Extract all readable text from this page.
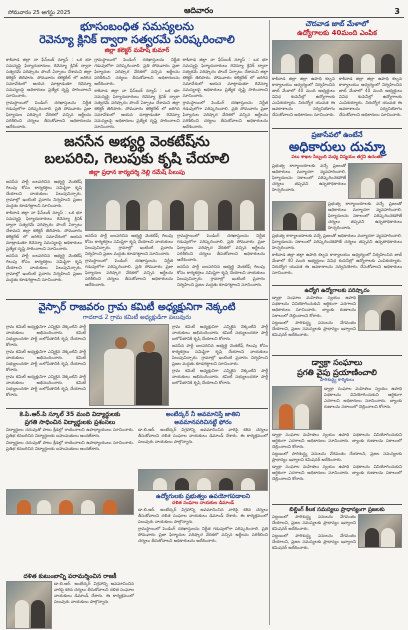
సోమవారం 25 ఆగస్టు 2025	ఆదివారం	3
భూసంబంధిత సమస్యలను
రెవెన్యూ క్లినిక్ ద్వారా సత్వరమే పరిష్కరించాలి
జిల్లా కలెక్టర్ మహేష్ కుమార్

కాకినాడ జిల్లా నా ఫేస్‌బుక్ న్యూస్ : ఒక భూ సమస్యపై ఫిర్యాదుదారులు రెవెన్యూ క్లినిక్ ద్వారా సత్వరమే పరిష్కారం పొందే ఏర్పాటు చేశామని జిల్లా కలెక్టర్ తెలిపారు. సోమవారం కలెక్టరేట్ లో జరిగిన సమావేశంలో ఆయన మాట్లాడుతూ రెవెన్యూ సమస్యలపై అధికారులు ప్రత్యేక దృష్టి సారించాలని సూచించారు.

గ్రామస్థాయిలో పెండింగ్ దరఖాస్తులను నిర్ణీత గడువులోగా పరిష్కరించాలి. ప్రతి సోమవారం ప్రజా ఫిర్యాదుల పరిష్కార వేదికలో వచ్చిన అర్జీలను పరిశీలించి చర్యలు తీసుకోవాలని అధికారులను ఆదేశించారు.

గ్రామస్థాయిలో పెండింగ్ దరఖాస్తులను నిర్ణీత గడువులోగా పరిష్కరించాలి. ప్రతి సోమవారం ప్రజా ఫిర్యాదుల పరిష్కార వేదికలో వచ్చిన అర్జీలను పరిశీలించి చర్యలు తీసుకోవాలని అధికారులను ఆదేశించారు.

కాకినాడ జిల్లా నా ఫేస్‌బుక్ న్యూస్ : ఒక భూ సమస్యపై ఫిర్యాదుదారులు రెవెన్యూ క్లినిక్ ద్వారా సత్వరమే పరిష్కారం పొందే ఏర్పాటు చేశామని జిల్లా కలెక్టర్ తెలిపారు. సోమవారం కలెక్టరేట్ లో జరిగిన సమావేశంలో ఆయన మాట్లాడుతూ రెవెన్యూ సమస్యలపై అధికారులు ప్రత్యేక దృష్టి సారించాలని సూచించారు.

కాకినాడ జిల్లా నా ఫేస్‌బుక్ న్యూస్ : ఒక భూ సమస్యపై ఫిర్యాదుదారులు రెవెన్యూ క్లినిక్ ద్వారా సత్వరమే పరిష్కారం పొందే ఏర్పాటు చేశామని జిల్లా కలెక్టర్ తెలిపారు. సోమవారం కలెక్టరేట్ లో జరిగిన సమావేశంలో ఆయన మాట్లాడుతూ రెవెన్యూ సమస్యలపై అధికారులు ప్రత్యేక దృష్టి సారించాలని సూచించారు.

గ్రామస్థాయిలో పెండింగ్ దరఖాస్తులను నిర్ణీత గడువులోగా పరిష్కరించాలి. ప్రతి సోమవారం ప్రజా ఫిర్యాదుల పరిష్కార వేదికలో వచ్చిన అర్జీలను పరిశీలించి చర్యలు తీసుకోవాలని అధికారులను ఆదేశించారు.

జనసేన అభ్యర్థి వెంకటేష్‌ను
బలపరిచి, గెలుపుకు కృషి చేయాలి
జిల్లా ప్రధాన కార్యదర్శి నెల్లి రమేష్ పిలుపు

జనసేన పార్టీ బలపరిచిన అభ్యర్థి వెంకటేష్ గెలుపు కోసం కార్యకర్తలు సమిష్టిగా కృషి చేయాలని నాయకులు పిలుపునిచ్చారు. గ్రామాల్లో ఇంటింటి ప్రచారం నిర్వహించి ప్రజల మద్దతు కూడగట్టాలని సూచించారు.

కాకినాడ జిల్లా నా ఫేస్‌బుక్ న్యూస్ : ఒక భూ సమస్యపై ఫిర్యాదుదారులు రెవెన్యూ క్లినిక్ ద్వారా సత్వరమే పరిష్కారం పొందే ఏర్పాటు చేశామని జిల్లా కలెక్టర్ తెలిపారు. సోమవారం కలెక్టరేట్ లో జరిగిన సమావేశంలో ఆయన మాట్లాడుతూ రెవెన్యూ సమస్యలపై అధికారులు ప్రత్యేక దృష్టి సారించాలని సూచించారు.

జనసేన పార్టీ బలపరిచిన అభ్యర్థి వెంకటేష్ గెలుపు కోసం కార్యకర్తలు సమిష్టిగా కృషి చేయాలని నాయకులు పిలుపునిచ్చారు. గ్రామాల్లో ఇంటింటి ప్రచారం నిర్వహించి ప్రజల మద్దతు కూడగట్టాలని సూచించారు.

జనసేన పార్టీ బలపరిచిన అభ్యర్థి వెంకటేష్ గెలుపు కోసం కార్యకర్తలు సమిష్టిగా కృషి చేయాలని నాయకులు పిలుపునిచ్చారు. గ్రామాల్లో ఇంటింటి ప్రచారం నిర్వహించి ప్రజల మద్దతు కూడగట్టాలని సూచించారు.

గ్రామస్థాయిలో పెండింగ్ దరఖాస్తులను నిర్ణీత గడువులోగా పరిష్కరించాలి. ప్రతి సోమవారం ప్రజా ఫిర్యాదుల పరిష్కార వేదికలో వచ్చిన అర్జీలను పరిశీలించి చర్యలు తీసుకోవాలని అధికారులను ఆదేశించారు.

గ్రామస్థాయిలో పెండింగ్ దరఖాస్తులను నిర్ణీత గడువులోగా పరిష్కరించాలి. ప్రతి సోమవారం ప్రజా ఫిర్యాదుల పరిష్కార వేదికలో వచ్చిన అర్జీలను పరిశీలించి చర్యలు తీసుకోవాలని అధికారులను ఆదేశించారు.

జనసేన పార్టీ బలపరిచిన అభ్యర్థి వెంకటేష్ గెలుపు కోసం కార్యకర్తలు సమిష్టిగా కృషి చేయాలని నాయకులు పిలుపునిచ్చారు. గ్రామాల్లో ఇంటింటి ప్రచారం నిర్వహించి ప్రజల మద్దతు కూడగట్టాలని సూచించారు.

వైస్సార్ రాజవరం గ్రామ కమిటీ అధ్యక్షునిగా నెక్కంటి
గాదరాడ 2 గ్రామ కమిటీ అధ్యక్షుడిగా పలువురు

గ్రామ కమిటీ అధ్యక్షునిగా ఎన్నికైన నెక్కంటిని పార్టీ నాయకులు అభినందించారు. కమిటీ సభ్యులందరూ పార్టీ బలోపేతానికి కృషి చేయాలని కోరారు.

గ్రామ కమిటీ అధ్యక్షునిగా ఎన్నికైన నెక్కంటిని పార్టీ నాయకులు అభినందించారు. కమిటీ సభ్యులందరూ పార్టీ బలోపేతానికి కృషి చేయాలని కోరారు.

గ్రామ కమిటీ అధ్యక్షునిగా ఎన్నికైన నెక్కంటిని పార్టీ నాయకులు అభినందించారు. కమిటీ సభ్యులందరూ పార్టీ బలోపేతానికి కృషి చేయాలని కోరారు.

గ్రామ కమిటీ అధ్యక్షునిగా ఎన్నికైన నెక్కంటిని పార్టీ నాయకులు అభినందించారు. కమిటీ సభ్యులందరూ పార్టీ బలోపేతానికి కృషి చేయాలని కోరారు.

జనసేన పార్టీ బలపరిచిన అభ్యర్థి వెంకటేష్ గెలుపు కోసం కార్యకర్తలు సమిష్టిగా కృషి చేయాలని నాయకులు పిలుపునిచ్చారు. గ్రామాల్లో ఇంటింటి ప్రచారం నిర్వహించి ప్రజల మద్దతు కూడగట్టాలని సూచించారు.

గ్రామ కమిటీ అధ్యక్షునిగా ఎన్నికైన నెక్కంటిని పార్టీ నాయకులు అభినందించారు. కమిటీ సభ్యులందరూ పార్టీ బలోపేతానికి కృషి చేయాలని కోరారు.

కె.పి.ఆర్.పి స్కూల్ 35 మంది విద్యార్థులకు
ప్రగతి సాధించిన విద్యార్థులకు ప్రశంసలు

విద్యార్థులు చదువుతో పాటు క్రీడల్లో రాణించాలని ఉపాధ్యాయులు సూచించారు. ప్రతిభ కనబరిచిన విద్యార్థులకు బహుమతులు అందజేశారు.

విద్యార్థులు చదువుతో పాటు క్రీడల్లో రాణించాలని ఉపాధ్యాయులు సూచించారు. ప్రతిభ కనబరిచిన విద్యార్థులకు బహుమతులు అందజేశారు.

అంబేద్కర్ నీ అవమానిస్తే జాతిని
అవమానపరిచినట్టే ఫోరం

డా.బి.ఆర్. అంబేద్కర్ విగ్రహాన్ని అవమానించిన వారిపై కఠిన చర్యలు తీసుకోవాలని దళిత సంఘాల నాయకులు డిమాండ్ చేశారు. ఈ కార్యక్రమంలో పలువురు నాయకులు పాల్గొన్నారు.

ఉద్యోగులకు ప్రభుత్వం ఉపయోగపడాలని
దళిత సంఘాల నాయకుల డిమాండ్

డా.బి.ఆర్. అంబేద్కర్ విగ్రహాన్ని అవమానించిన వారిపై కఠిన చర్యలు తీసుకోవాలని దళిత సంఘాల నాయకులు డిమాండ్ చేశారు. ఈ కార్యక్రమంలో పలువురు నాయకులు పాల్గొన్నారు.

గ్రామస్థాయిలో పెండింగ్ దరఖాస్తులను నిర్ణీత గడువులోగా పరిష్కరించాలి. ప్రతి సోమవారం ప్రజా ఫిర్యాదుల పరిష్కార వేదికలో వచ్చిన అర్జీలను పరిశీలించి చర్యలు తీసుకోవాలని అధికారులను ఆదేశించారు.

దళిత కుటుంబాన్ని పరామర్శించిన రాజకీ

డా.బి.ఆర్. అంబేద్కర్ విగ్రహాన్ని అవమానించిన వారిపై కఠిన చర్యలు తీసుకోవాలని దళిత సంఘాల నాయకులు డిమాండ్ చేశారు. ఈ కార్యక్రమంలో పలువురు నాయకులు పాల్గొన్నారు.

చౌదవాడ జాబ్ మేళాలో
ఉద్యోగాలకు 40మంది ఎంపిక

కాకినాడ జిల్లా జిల్లా ఉపాధి కల్పన కార్యాలయం ఆధ్వర్యంలో నిర్వహించిన జాబ్ మేళాలో 40 మంది అభ్యర్థులు వివిధ కంపెనీల్లో ఉద్యోగాలకు ఎంపికయ్యారు. నిరుద్యోగ యువత ఈ అవకాశాలను సద్వినియోగం చేసుకోవాలని అధికారులు సూచించారు.

కాకినాడ జిల్లా జిల్లా ఉపాధి కల్పన కార్యాలయం ఆధ్వర్యంలో నిర్వహించిన జాబ్ మేళాలో 40 మంది అభ్యర్థులు వివిధ కంపెనీల్లో ఉద్యోగాలకు ఎంపికయ్యారు. నిరుద్యోగ యువత ఈ అవకాశాలను సద్వినియోగం చేసుకోవాలని అధికారులు సూచించారు.

ప్రజాసేవలో ఉంటేనే
అధికారులు దుమ్మా
పలు శాఖల సిబ్బంది మధ్య విస్మయం తగ్గని ఉదంతం

ప్రభుత్వ కార్యాలయాలకు వచ్చే ప్రజలతో అధికారులు మర్యాదగా వ్యవహరించాలి. ఫిర్యాదులను సకాలంలో పరిష్కరించకపోతే చర్యలు తప్పవని ఉన్నతాధికారులు హెచ్చరించారు.

ప్రభుత్వ కార్యాలయాలకు వచ్చే ప్రజలతో అధికారులు మర్యాదగా వ్యవహరించాలి. ఫిర్యాదులను సకాలంలో పరిష్కరించకపోతే చర్యలు తప్పవని ఉన్నతాధికారులు హెచ్చరించారు.

ప్రభుత్వ కార్యాలయాలకు వచ్చే ప్రజలతో అధికారులు మర్యాదగా వ్యవహరించాలి. ఫిర్యాదులను సకాలంలో పరిష్కరించకపోతే చర్యలు తప్పవని ఉన్నతాధికారులు హెచ్చరించారు.

కాకినాడ జిల్లా జిల్లా ఉపాధి కల్పన కార్యాలయం ఆధ్వర్యంలో నిర్వహించిన జాబ్ మేళాలో 40 మంది అభ్యర్థులు వివిధ కంపెనీల్లో ఉద్యోగాలకు ఎంపికయ్యారు. నిరుద్యోగ యువత ఈ అవకాశాలను సద్వినియోగం చేసుకోవాలని అధికారులు సూచించారు.

ఉద్యోగి ఉద్యోగాలకు పరిష్కారం

డ్వాక్రా సంఘాల మహిళలు స్వయం ఉపాధి పథకాలను వినియోగించుకుని ఆర్థికంగా ఎదగాలని అధికారులు సూచించారు. బ్యాంకు రుణాలను సకాలంలో చెల్లించాలని కోరారు.

పట్టణంలో పారిశుద్ధ్య పనులను వేగవంతం చేయాలని, ప్రజల సమస్యలకు ప్రాధాన్యం ఇవ్వాలని కమిషనర్ ఆదేశించారు.

డ్వాక్రా సంఘాలు
ప్రగతి వైపు ప్రయాణించాలి
పారిశుద్ధ్య కార్మికులు

డ్వాక్రా సంఘాల మహిళలు స్వయం ఉపాధి పథకాలను వినియోగించుకుని ఆర్థికంగా ఎదగాలని అధికారులు సూచించారు. బ్యాంకు రుణాలను సకాలంలో చెల్లించాలని కోరారు.

డ్వాక్రా సంఘాల మహిళలు స్వయం ఉపాధి పథకాలను వినియోగించుకుని ఆర్థికంగా ఎదగాలని అధికారులు సూచించారు. బ్యాంకు రుణాలను సకాలంలో చెల్లించాలని కోరారు.

పట్టణంలో పారిశుద్ధ్య పనులను వేగవంతం చేయాలని, ప్రజల సమస్యలకు ప్రాధాన్యం ఇవ్వాలని కమిషనర్ ఆదేశించారు.

డ్వాక్రా సంఘాల మహిళలు స్వయం ఉపాధి పథకాలను వినియోగించుకుని ఆర్థికంగా ఎదగాలని అధికారులు సూచించారు. బ్యాంకు రుణాలను సకాలంలో చెల్లించాలని కోరారు.

బిల్డింగ్ కీలక సమస్యలు ప్రాధాన్యంగా ప్రజలకు

పట్టణంలో పారిశుద్ధ్య పనులను వేగవంతం చేయాలని, ప్రజల సమస్యలకు ప్రాధాన్యం ఇవ్వాలని కమిషనర్ ఆదేశించారు.

పట్టణంలో పారిశుద్ధ్య పనులను వేగవంతం చేయాలని, ప్రజల సమస్యలకు ప్రాధాన్యం ఇవ్వాలని కమిషనర్ ఆదేశించారు.
